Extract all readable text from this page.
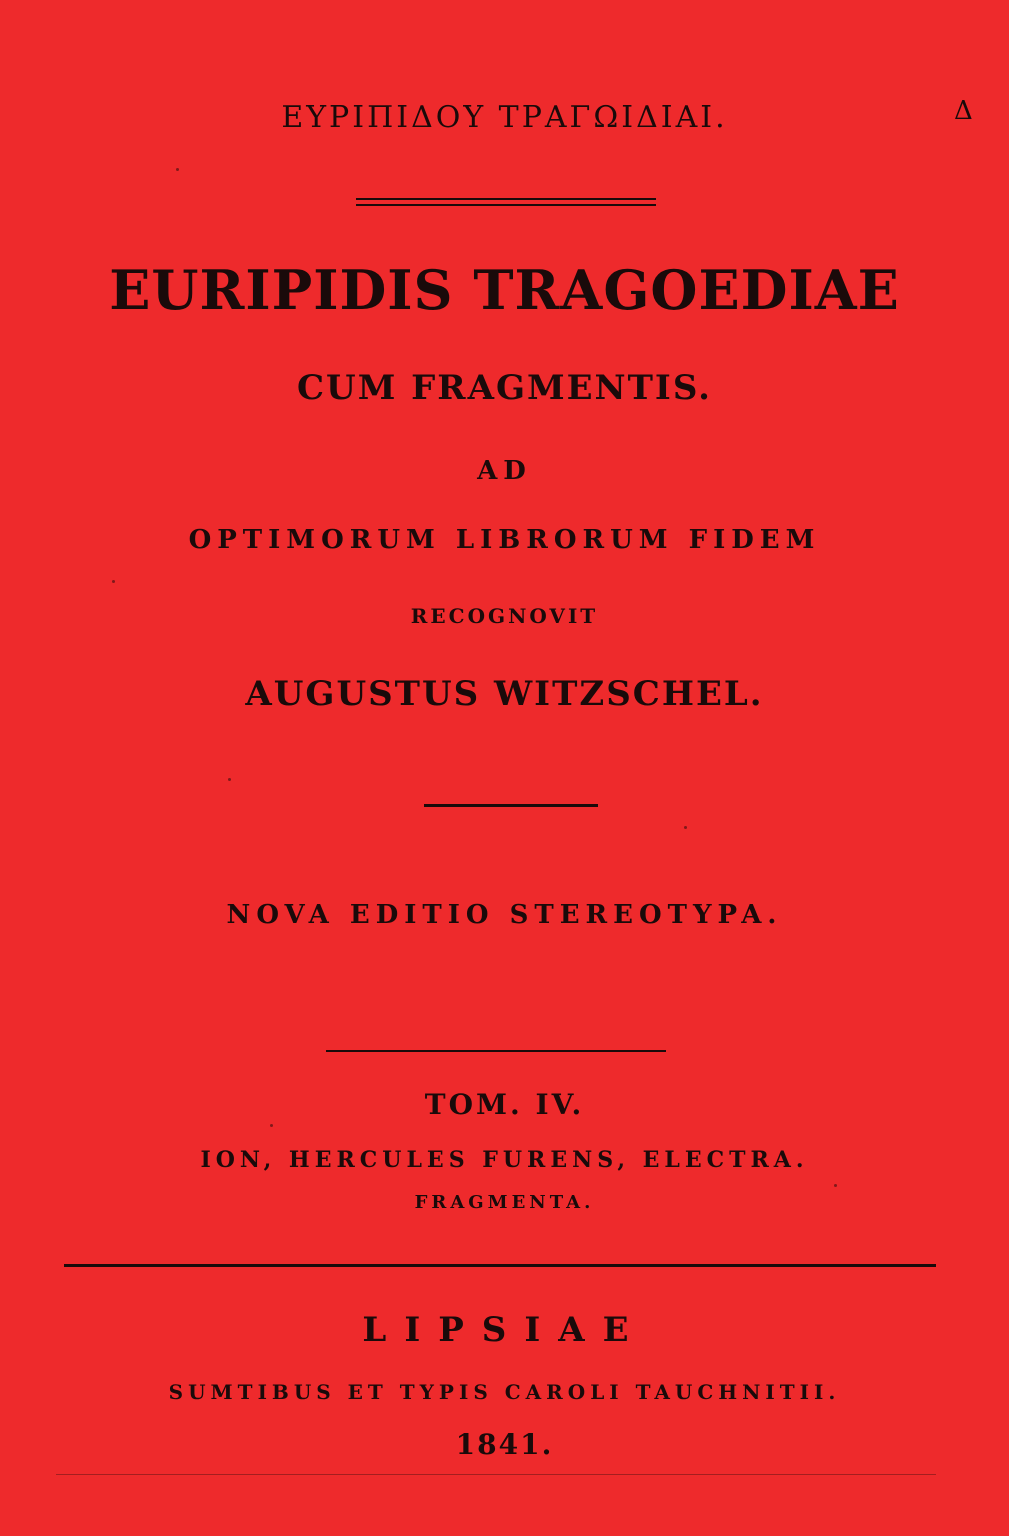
Δ
ΕΥΡΙΠΙΔΟΥ ΤΡΑΓΩΙΔΙΑΙ.
EURIPIDIS TRAGOEDIAE
CUM FRAGMENTIS.
AD
OPTIMORUM LIBRORUM FIDEM
RECOGNOVIT
AUGUSTUS WITZSCHEL.
NOVA EDITIO STEREOTYPA.
TOM. IV.
ION, HERCULES FURENS, ELECTRA.
FRAGMENTA.
LIPSIAE
SUMTIBUS ET TYPIS CAROLI TAUCHNITII.
1841.
